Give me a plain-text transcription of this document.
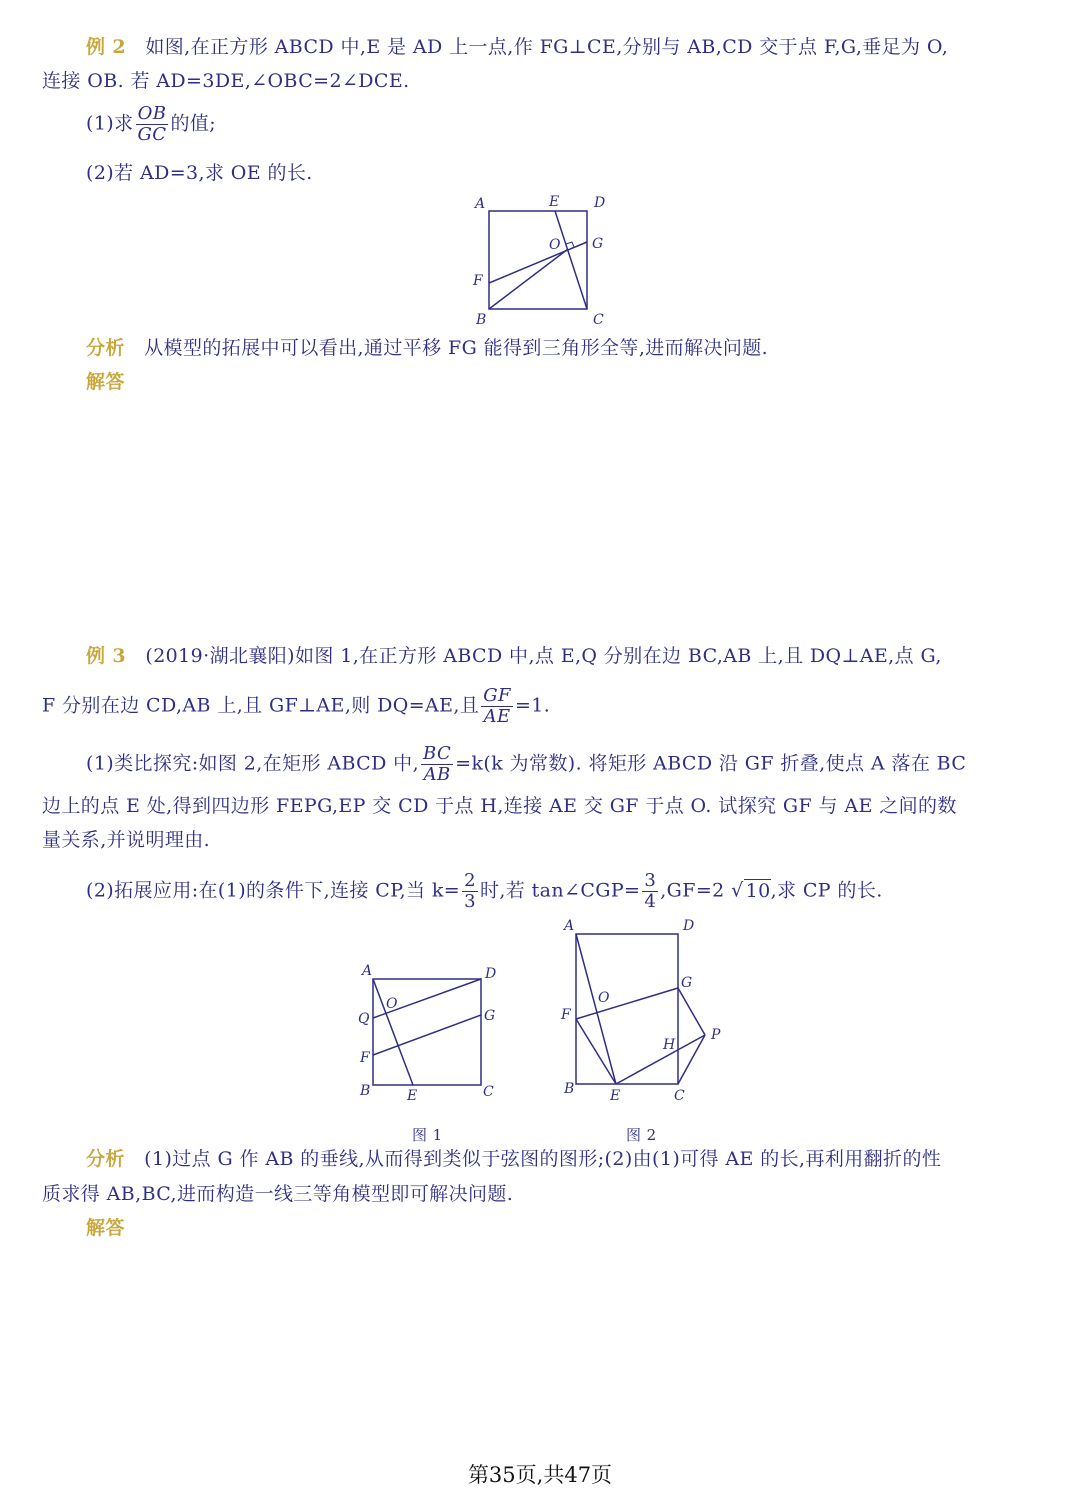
例 2 如图,在正方形 ABCD 中,E 是 AD 上一点,作 FG⊥CE,分别与 AB,CD 交于点 F,G,垂足为 O,
连接 OB. 若 AD=3DE,∠OBC=2∠DCE.
(1)求 $\frac{OB}{GC}$ 的值;
(2)若 AD=3,求 OE 的长.
A	E D
O G
F
B	C
分析 从模型的拓展中可以看出,通过平移 FG 能得到三角形全等,进而解决问题.
解答
例 3 (2019·湖北襄阳)如图 1,在正方形 ABCD 中,点 E,Q 分别在边 BC,AB 上,且 DQ⊥AE,点 G,
F 分别在边 CD,AB 上,且 GF⊥AE,则 DQ=AE,且 $\frac{GF}{AE} =1$.
(1)类比探究:如图 2,在矩形 ABCD 中, $\frac{BC}{AB} =k(k$ 为常数). 将矩形 ABCD 沿 GF 折叠,使点 A 落在 BC
边上的点 E 处,得到四边形 FEPG,EP 交 CD 于点 H,连接 AE 交 GF 于点 O. 试探究 GF 与 AE 之间的数
量关系,并说明理由.
(2)拓展应用:在(1)的条件下,连接 CP,当 $k= \frac{2}{3}$ 时,若 tan∠CGP= $\frac{3}{4} ,GF=2$ √ 10,求 CP 的长.
A	D
O
Q	G
F
B	E	C
图 1
A	D
O
G
F
H
P
B	E	C
图 2
分析 (1)过点 G 作 AB 的垂线,从而得到类似于弦图的图形;(2)由(1)可得 AE 的长,再利用翻折的性
质求得 AB,BC,进而构造一线三等角模型即可解决问题.
解答
第35页,共47页
